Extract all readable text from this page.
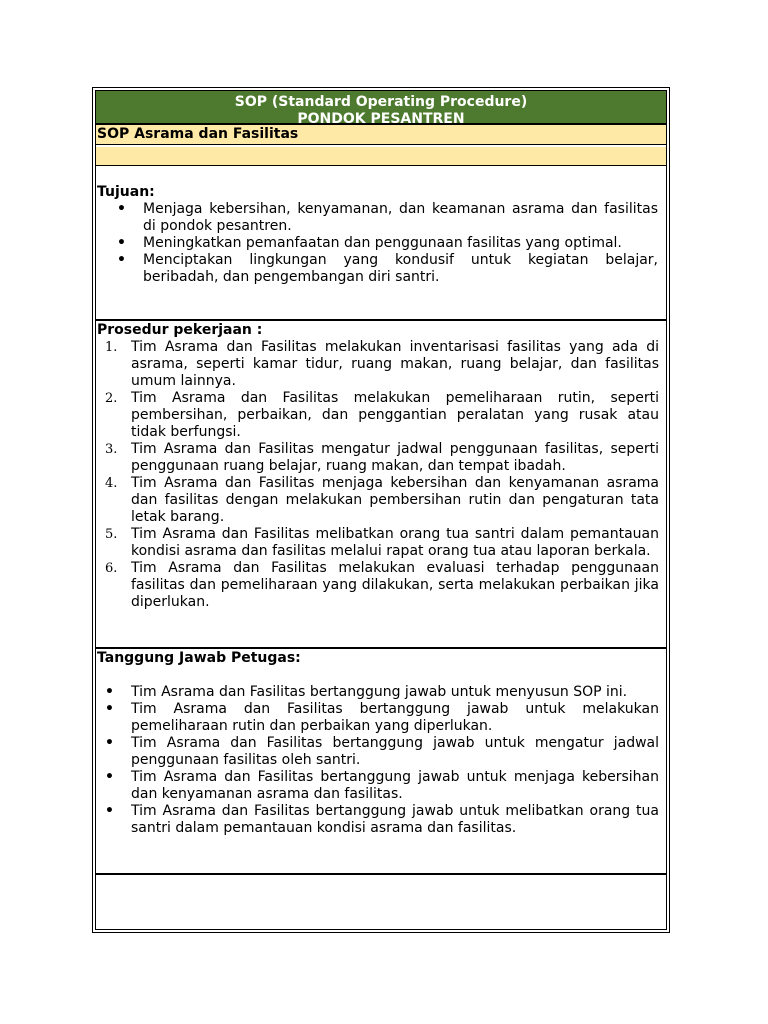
SOP (Standard Operating Procedure)
PONDOK PESANTREN
SOP Asrama dan Fasilitas
Tujuan:
• Menjaga kebersihan, kenyamanan, dan keamanan asrama dan fasilitas di pondok pesantren.
• Meningkatkan pemanfaatan dan penggunaan fasilitas yang optimal.
• Menciptakan lingkungan yang kondusif untuk kegiatan belajar, beribadah, dan pengembangan diri santri.
Prosedur pekerjaan :
1. Tim Asrama dan Fasilitas melakukan inventarisasi fasilitas yang ada di asrama, seperti kamar tidur, ruang makan, ruang belajar, dan fasilitas umum lainnya.
2. Tim Asrama dan Fasilitas melakukan pemeliharaan rutin, seperti pembersihan, perbaikan, dan penggantian peralatan yang rusak atau tidak berfungsi.
3. Tim Asrama dan Fasilitas mengatur jadwal penggunaan fasilitas, seperti penggunaan ruang belajar, ruang makan, dan tempat ibadah.
4. Tim Asrama dan Fasilitas menjaga kebersihan dan kenyamanan asrama dan fasilitas dengan melakukan pembersihan rutin dan pengaturan tata letak barang.
5. Tim Asrama dan Fasilitas melibatkan orang tua santri dalam pemantauan kondisi asrama dan fasilitas melalui rapat orang tua atau laporan berkala.
6. Tim Asrama dan Fasilitas melakukan evaluasi terhadap penggunaan fasilitas dan pemeliharaan yang dilakukan, serta melakukan perbaikan jika diperlukan.
Tanggung Jawab Petugas:
• Tim Asrama dan Fasilitas bertanggung jawab untuk menyusun SOP ini.
• Tim Asrama dan Fasilitas bertanggung jawab untuk melakukan pemeliharaan rutin dan perbaikan yang diperlukan.
• Tim Asrama dan Fasilitas bertanggung jawab untuk mengatur jadwal penggunaan fasilitas oleh santri.
• Tim Asrama dan Fasilitas bertanggung jawab untuk menjaga kebersihan dan kenyamanan asrama dan fasilitas.
• Tim Asrama dan Fasilitas bertanggung jawab untuk melibatkan orang tua santri dalam pemantauan kondisi asrama dan fasilitas.
